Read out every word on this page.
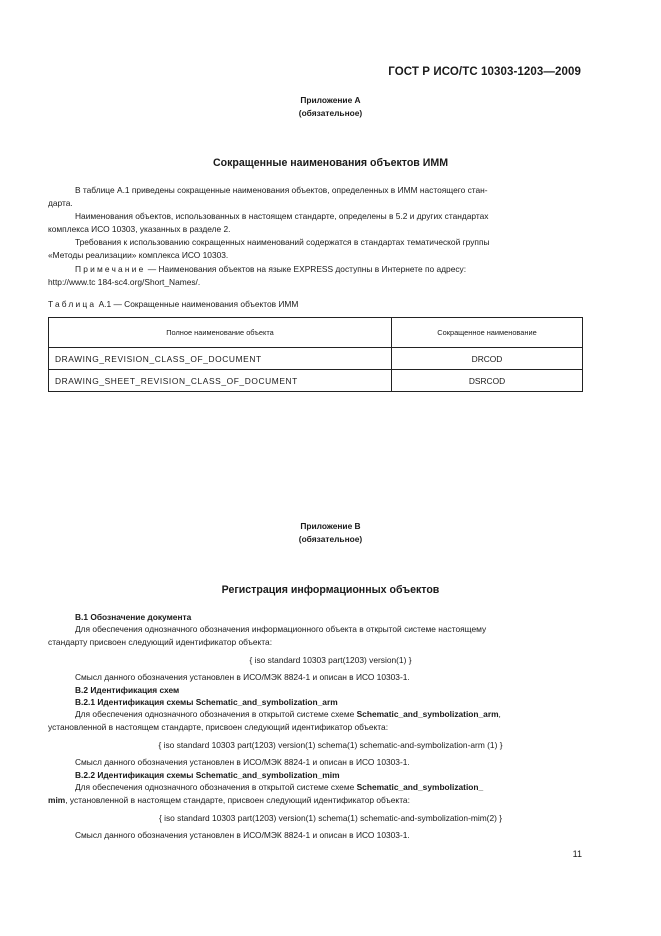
ГОСТ Р ИСО/ТС 10303-1203—2009
Приложение А
(обязательное)
Сокращенные наименования объектов ИММ
В таблице А.1 приведены сокращенные наименования объектов, определенных в ИММ настоящего стан-
дарта.
Наименования объектов, использованных в настоящем стандарте, определены в 5.2 и других стандартах
комплекса ИСО 10303, указанных в разделе 2.
Требования к использованию сокращенных наименований содержатся в стандартах тематической группы
«Методы реализации» комплекса ИСО 10303.
Примечание — Наименования объектов на языке EXPRESS доступны в Интернете по адресу:
http://www.tc 184-sc4.org/Short_Names/.
Таблица А.1 — Сокращенные наименования объектов ИММ
Полное наименование объекта	Сокращенное наименование
DRAWING_REVISION_CLASS_OF_DOCUMENT	DRCOD
DRAWING_SHEET_REVISION_CLASS_OF_DOCUMENT	DSRCOD
Приложение В
(обязательное)
Регистрация информационных объектов
В.1 Обозначение документа
Для обеспечения однозначного обозначения информационного объекта в открытой системе настоящему
стандарту присвоен следующий идентификатор объекта:
{ iso standard 10303 part(1203) version(1) }
Смысл данного обозначения установлен в ИСО/МЭК 8824-1 и описан в ИСО 10303-1.
В.2 Идентификация схем
В.2.1 Идентификация схемы Schematic_and_symbolization_arm
Для обеспечения однозначного обозначения в открытой системе схеме Schematic_and_symbolization_arm,
установленной в настоящем стандарте, присвоен следующий идентификатор объекта:
{ iso standard 10303 part(1203) version(1) schema(1) schematic-and-symbolization-arm (1) }
Смысл данного обозначения установлен в ИСО/МЭК 8824-1 и описан в ИСО 10303-1.
В.2.2 Идентификация схемы Schematic_and_symbolization_mim
Для обеспечения однозначного обозначения в открытой системе схеме Schematic_and_symbolization_
mim, установленной в настоящем стандарте, присвоен следующий идентификатор объекта:
{ iso standard 10303 part(1203) version(1) schema(1) schematic-and-symbolization-mim(2) }
Смысл данного обозначения установлен в ИСО/МЭК 8824-1 и описан в ИСО 10303-1.
11
